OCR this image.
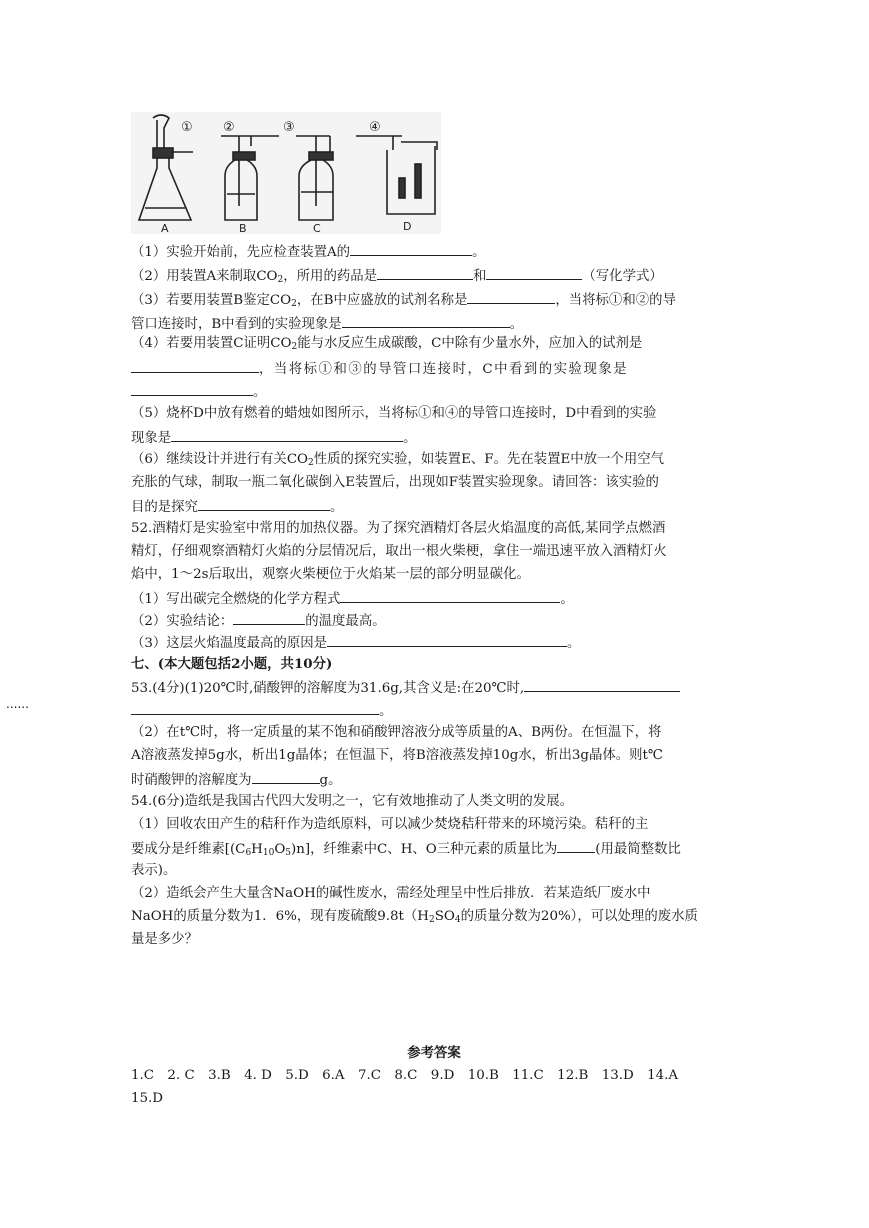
① ②	③	④
A	B	C	D
（1）实验开始前，先应检查装置A的	。
（2）用装置A来制取$CO_2$，所用的药品是	和	（写化学式）
（3）若要用装置B鉴定$CO_2$，在B中应盛放的试剂名称是	，当将标①和②的导
管口连接时，B中看到的实验现象是	。
（4）若要用装置C证明$CO_2$能与水反应生成碳酸，C中除有少量水外，应加入的试剂是
，当将标①和③的导管口连接时，C中看到的实验现象是
。
（5）烧杯D中放有燃着的蜡烛如图所示，当将标①和④的导管口连接时，D中看到的实验
现象是	。
（6）继续设计并进行有关$CO_2$性质的探究实验，如装置E、F。先在装置E中放一个用空气
充胀的气球，制取一瓶二氧化碳倒入E装置后，出现如F装置实验现象。请回答：该实验的
目的是探究	。
52.酒精灯是实验室中常用的加热仪器。为了探究酒精灯各层火焰温度的高低,某同学点燃酒
精灯，仔细观察酒精灯火焰的分层情况后，取出一根火柴梗，拿住一端迅速平放入酒精灯火
焰中，1～2s后取出，观察火柴梗位于火焰某一层的部分明显碳化。
（1）写出碳完全燃烧的化学方程式	。
（2）实验结论：	的温度最高。
（3）这层火焰温度最高的原因是	。
七、(本大题包括2小题，共10分)
53.(4分)(1)20℃时,硝酸钾的溶解度为31.6g,其含义是:在20℃时,
......	。
（2）在t℃时，将一定质量的某不饱和硝酸钾溶液分成等质量的A、B两份。在恒温下，将
A溶液蒸发掉5g水，析出1g晶体；在恒温下，将B溶液蒸发掉10g水，析出3g晶体。则t℃
时硝酸钾的溶解度为	g。
54.(6分)造纸是我国古代四大发明之一，它有效地推动了人类文明的发展。
（1）回收农田产生的秸秆作为造纸原料，可以减少焚烧秸秆带来的环境污染。秸秆的主
要成分是纤维素$[(C_6H_{10}O_5)n]$，纤维素中C、H、O三种元素的质量比为	(用最简整数比
表示)。
（2）造纸会产生大量含NaOH的碱性废水，需经处理呈中性后排放．若某造纸厂废水中
NaOH的质量分数为1．6%，现有废硫酸$9.8t(H_2SO_4$的质量分数为20%），可以处理的废水质
量是多少？
参考答案
1.C　2. C　3.B　4. D　5.D　6.A　7.C　8.C　9.D　10.B　11.C　12.B　13.D　14.A
15.D
